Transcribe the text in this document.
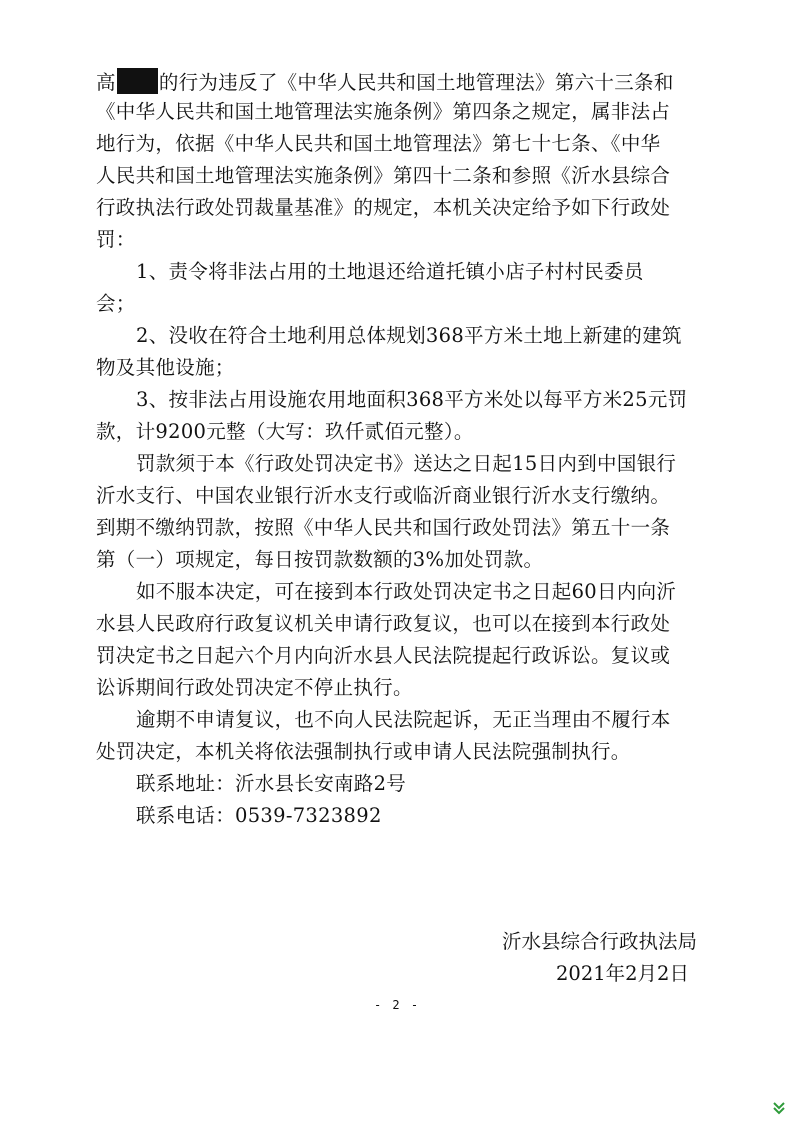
高 的行为违反了《中华人民共和国土地管理法》第六十三条和
《中华人民共和国土地管理法实施条例》第四条之规定，属非法占
地行为，依据《中华人民共和国土地管理法》第七十七条、《中华
人民共和国土地管理法实施条例》第四十二条和参照《沂水县综合
行政执法行政处罚裁量基准》的规定，本机关决定给予如下行政处
罚：
1、责令将非法占用的土地退还给道托镇小店子村村民委员
会；
2、没收在符合土地利用总体规划368平方米土地上新建的建筑
物及其他设施；
3、按非法占用设施农用地面积368平方米处以每平方米25元罚
款，计9200元整（大写：玖仟贰佰元整）。
罚款须于本《行政处罚决定书》送达之日起15日内到中国银行
沂水支行、中国农业银行沂水支行或临沂商业银行沂水支行缴纳。
到期不缴纳罚款，按照《中华人民共和国行政处罚法》第五十一条
第（一）项规定，每日按罚款数额的3%加处罚款。
如不服本决定，可在接到本行政处罚决定书之日起60日内向沂
水县人民政府行政复议机关申请行政复议，也可以在接到本行政处
罚决定书之日起六个月内向沂水县人民法院提起行政诉讼。复议或
讼诉期间行政处罚决定不停止执行。
逾期不申请复议，也不向人民法院起诉，无正当理由不履行本
处罚决定，本机关将依法强制执行或申请人民法院强制执行。
联系地址：沂水县长安南路2号
联系电话：0539-7323892
沂水县综合行政执法局
2021年2月2日
- 2 -
